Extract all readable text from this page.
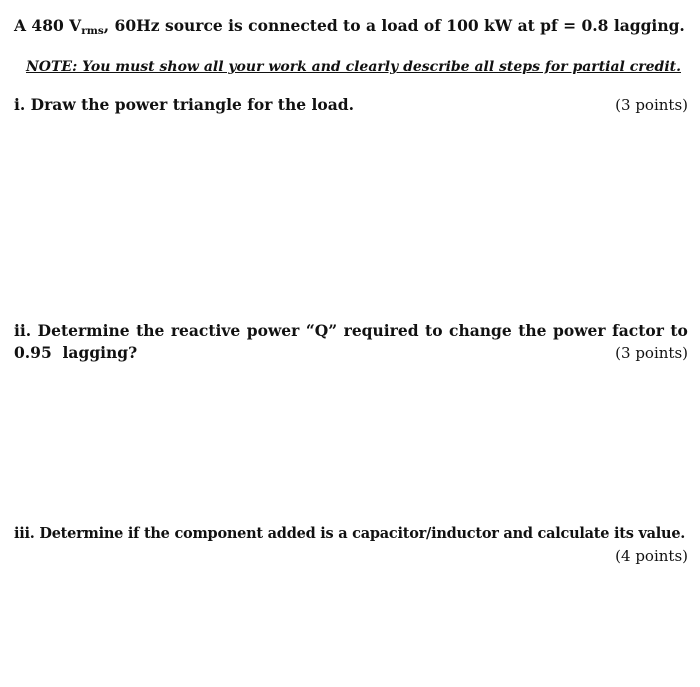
A 480 $V_{rms}$, 60Hz source is connected to a load of 100 kW at pf = 0.8 lagging.
NOTE: You must show all your work and clearly describe all steps for partial credit.
i. Draw the power triangle for the load.	(3 points)
ii. Determine the reactive power “Q” required to change the power factor to
0.95  lagging?	(3 points)
iii. Determine if the component added is a capacitor/inductor and calculate its value.
(4 points)
